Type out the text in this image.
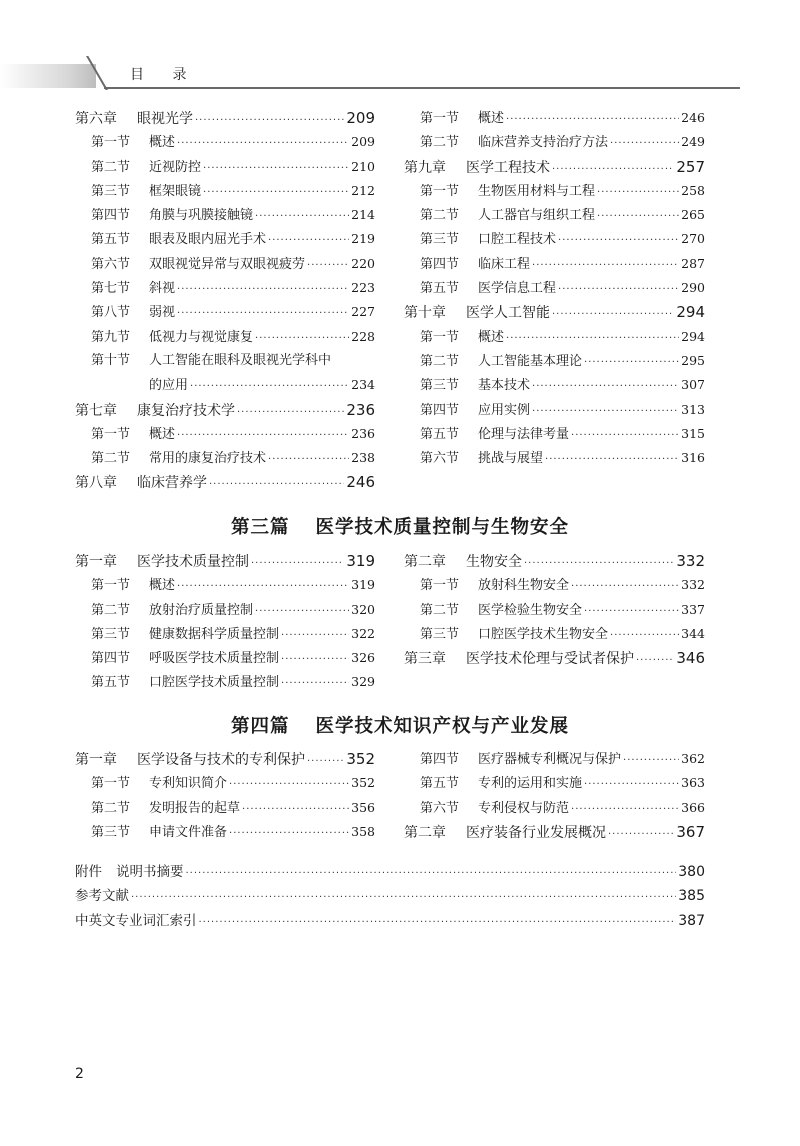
目 录
第六章	眼视光学 ·····	209
第一节	概述 ·····	209
第二节	近视防控 ·····	210
第三节	框架眼镜 ·····	212
第四节	角膜与巩膜接触镜 ·····	214
第五节	眼表及眼内屈光手术 ·····	219
第六节	双眼视觉异常与双眼视疲劳 ·····	220
第七节	斜视 ·····	223
第八节	弱视 ·····	227
第九节	低视力与视觉康复 ·····	228
第十节	人工智能在眼科及眼视光学科中
的应用 ·····	234
第七章	康复治疗技术学 ·····	236
第一节	概述 ·····	236
第二节	常用的康复治疗技术 ·····	238
第八章	临床营养学 ·····	246
第一节	概述 ·····	246
第二节	临床营养支持治疗方法 ·····	249
第九章	医学工程技术 ·····	257
第一节	生物医用材料与工程 ·····	258
第二节	人工器官与组织工程 ·····	265
第三节	口腔工程技术 ·····	270
第四节	临床工程 ·····	287
第五节	医学信息工程 ·····	290
第十章	医学人工智能 ·····	294
第一节	概述 ·····	294
第二节	人工智能基本理论 ·····	295
第三节	基本技术 ·····	307
第四节	应用实例 ·····	313
第五节	伦理与法律考量 ·····	315
第六节	挑战与展望 ·····	316
第三篇 医学技术质量控制与生物安全
第一章	医学技术质量控制 ·····	319
第一节	概述 ·····	319
第二节	放射治疗质量控制 ·····	320
第三节	健康数据科学质量控制 ·····	322
第四节	呼吸医学技术质量控制 ·····	326
第五节	口腔医学技术质量控制 ·····	329
第二章	生物安全 ·····	332
第一节	放射科生物安全 ·····	332
第二节	医学检验生物安全 ·····	337
第三节	口腔医学技术生物安全 ·····	344
第三章	医学技术伦理与受试者保护 ·····	346
第四篇 医学技术知识产权与产业发展
第一章	医学设备与技术的专利保护 ·····	352
第一节	专利知识简介 ·····	352
第二节	发明报告的起草 ·····	356
第三节	申请文件准备 ·····	358
第四节	医疗器械专利概况与保护 ·····	362
第五节	专利的运用和实施 ·····	363
第六节	专利侵权与防范 ·····	366
第二章	医疗装备行业发展概况 ·····	367
附件 说明书摘要 ·····	380
参考文献 ·····	385
中英文专业词汇索引 ·····	387
2
